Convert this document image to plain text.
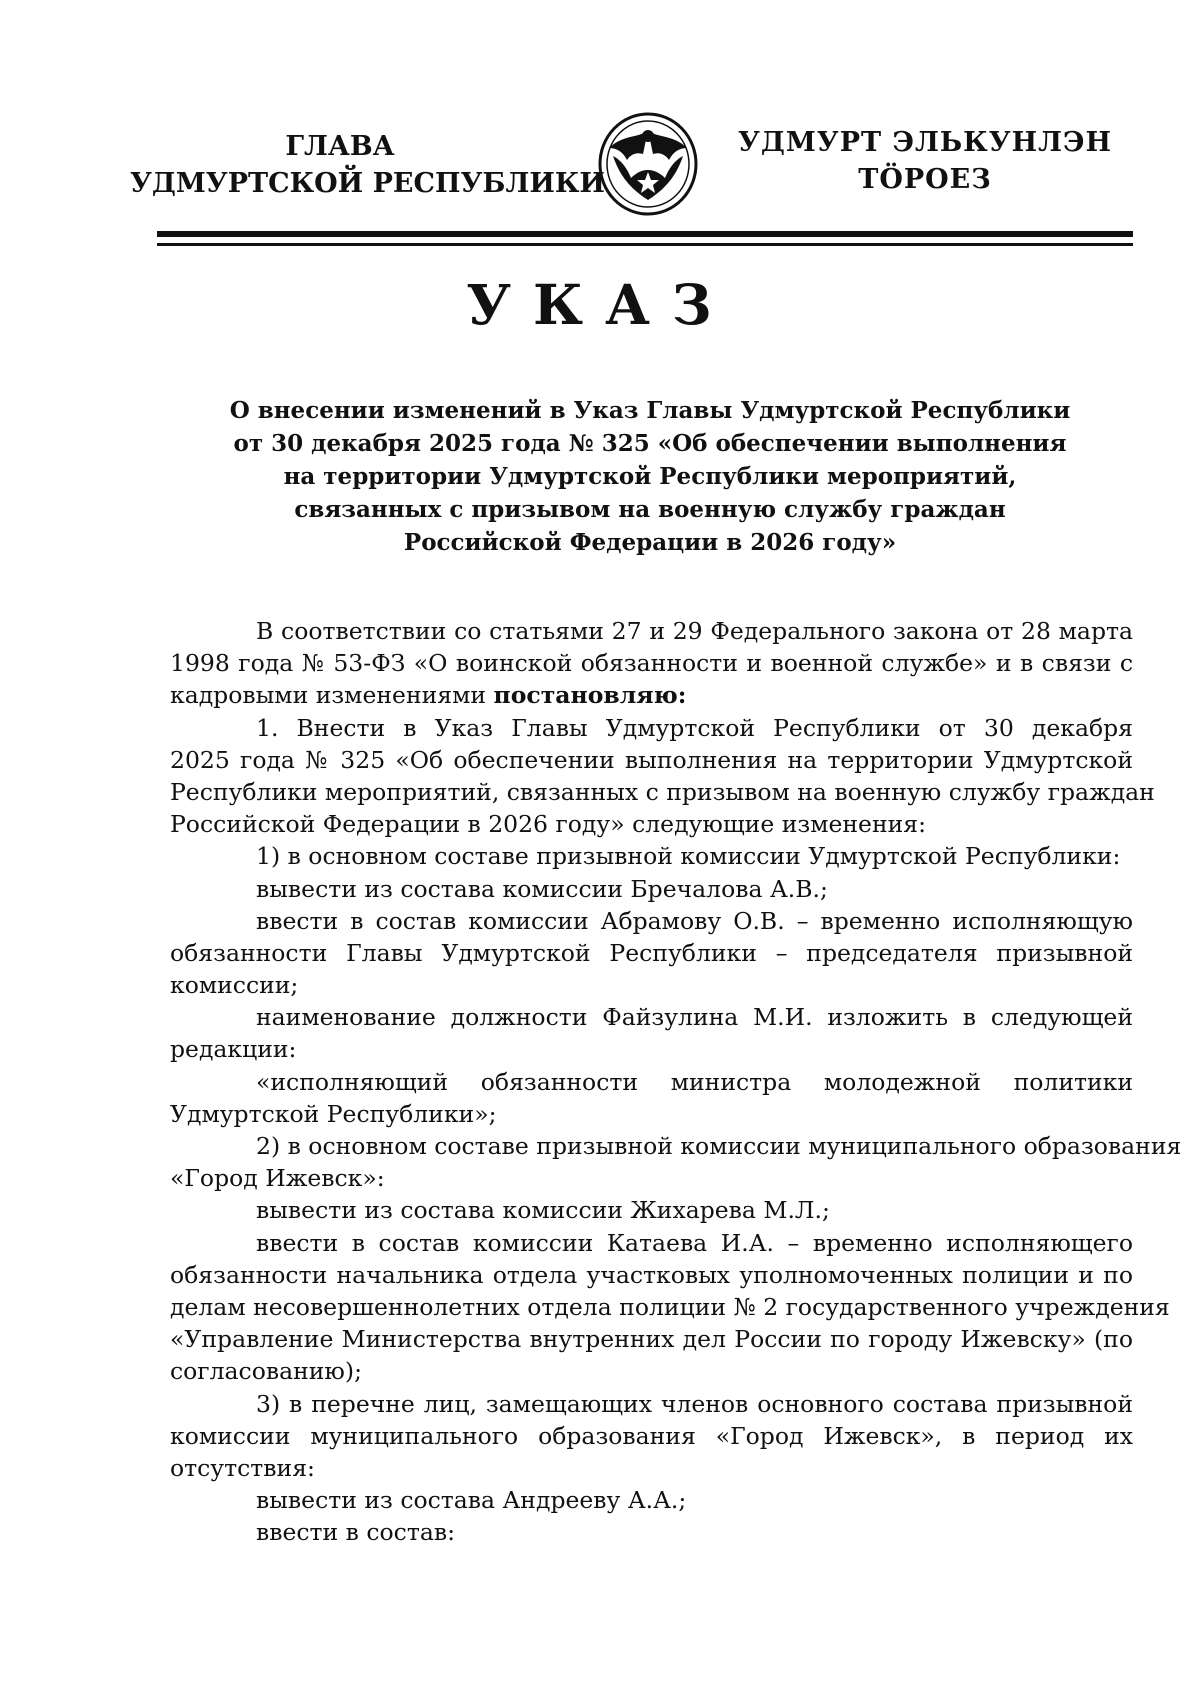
ГЛАВА
УДМУРТСКОЙ РЕСПУБЛИКИ
УДМУРТ ЭЛЬКУНЛЭН
ТӦРОЕЗ
УКАЗ
О внесении изменений в Указ Главы Удмуртской Республики
от 30 декабря 2025 года № 325 «Об обеспечении выполнения
на территории Удмуртской Республики мероприятий,
связанных с призывом на военную службу граждан
Российской Федерации в 2026 году»
В соответствии со статьями 27 и 29 Федерального закона от 28 марта
1998 года № 53-ФЗ «О воинской обязанности и военной службе» и в связи с
кадровыми изменениями постановляю:
1. Внести в Указ Главы Удмуртской Республики от 30 декабря
2025 года № 325 «Об обеспечении выполнения на территории Удмуртской
Республики мероприятий, связанных с призывом на военную службу граждан
Российской Федерации в 2026 году» следующие изменения:
1) в основном составе призывной комиссии Удмуртской Республики:
вывести из состава комиссии Бречалова А.В.;
ввести в состав комиссии Абрамову О.В. – временно исполняющую
обязанности Главы Удмуртской Республики – председателя призывной
комиссии;
наименование должности Файзулина М.И. изложить в следующей
редакции:
«исполняющий обязанности министра молодежной политики
Удмуртской Республики»;
2) в основном составе призывной комиссии муниципального образования
«Город Ижевск»:
вывести из состава комиссии Жихарева М.Л.;
ввести в состав комиссии Катаева И.А. – временно исполняющего
обязанности начальника отдела участковых уполномоченных полиции и по
делам несовершеннолетних отдела полиции № 2 государственного учреждения
«Управление Министерства внутренних дел России по городу Ижевску» (по
согласованию);
3) в перечне лиц, замещающих членов основного состава призывной
комиссии муниципального образования «Город Ижевск», в период их
отсутствия:
вывести из состава Андрееву А.А.;
ввести в состав:
